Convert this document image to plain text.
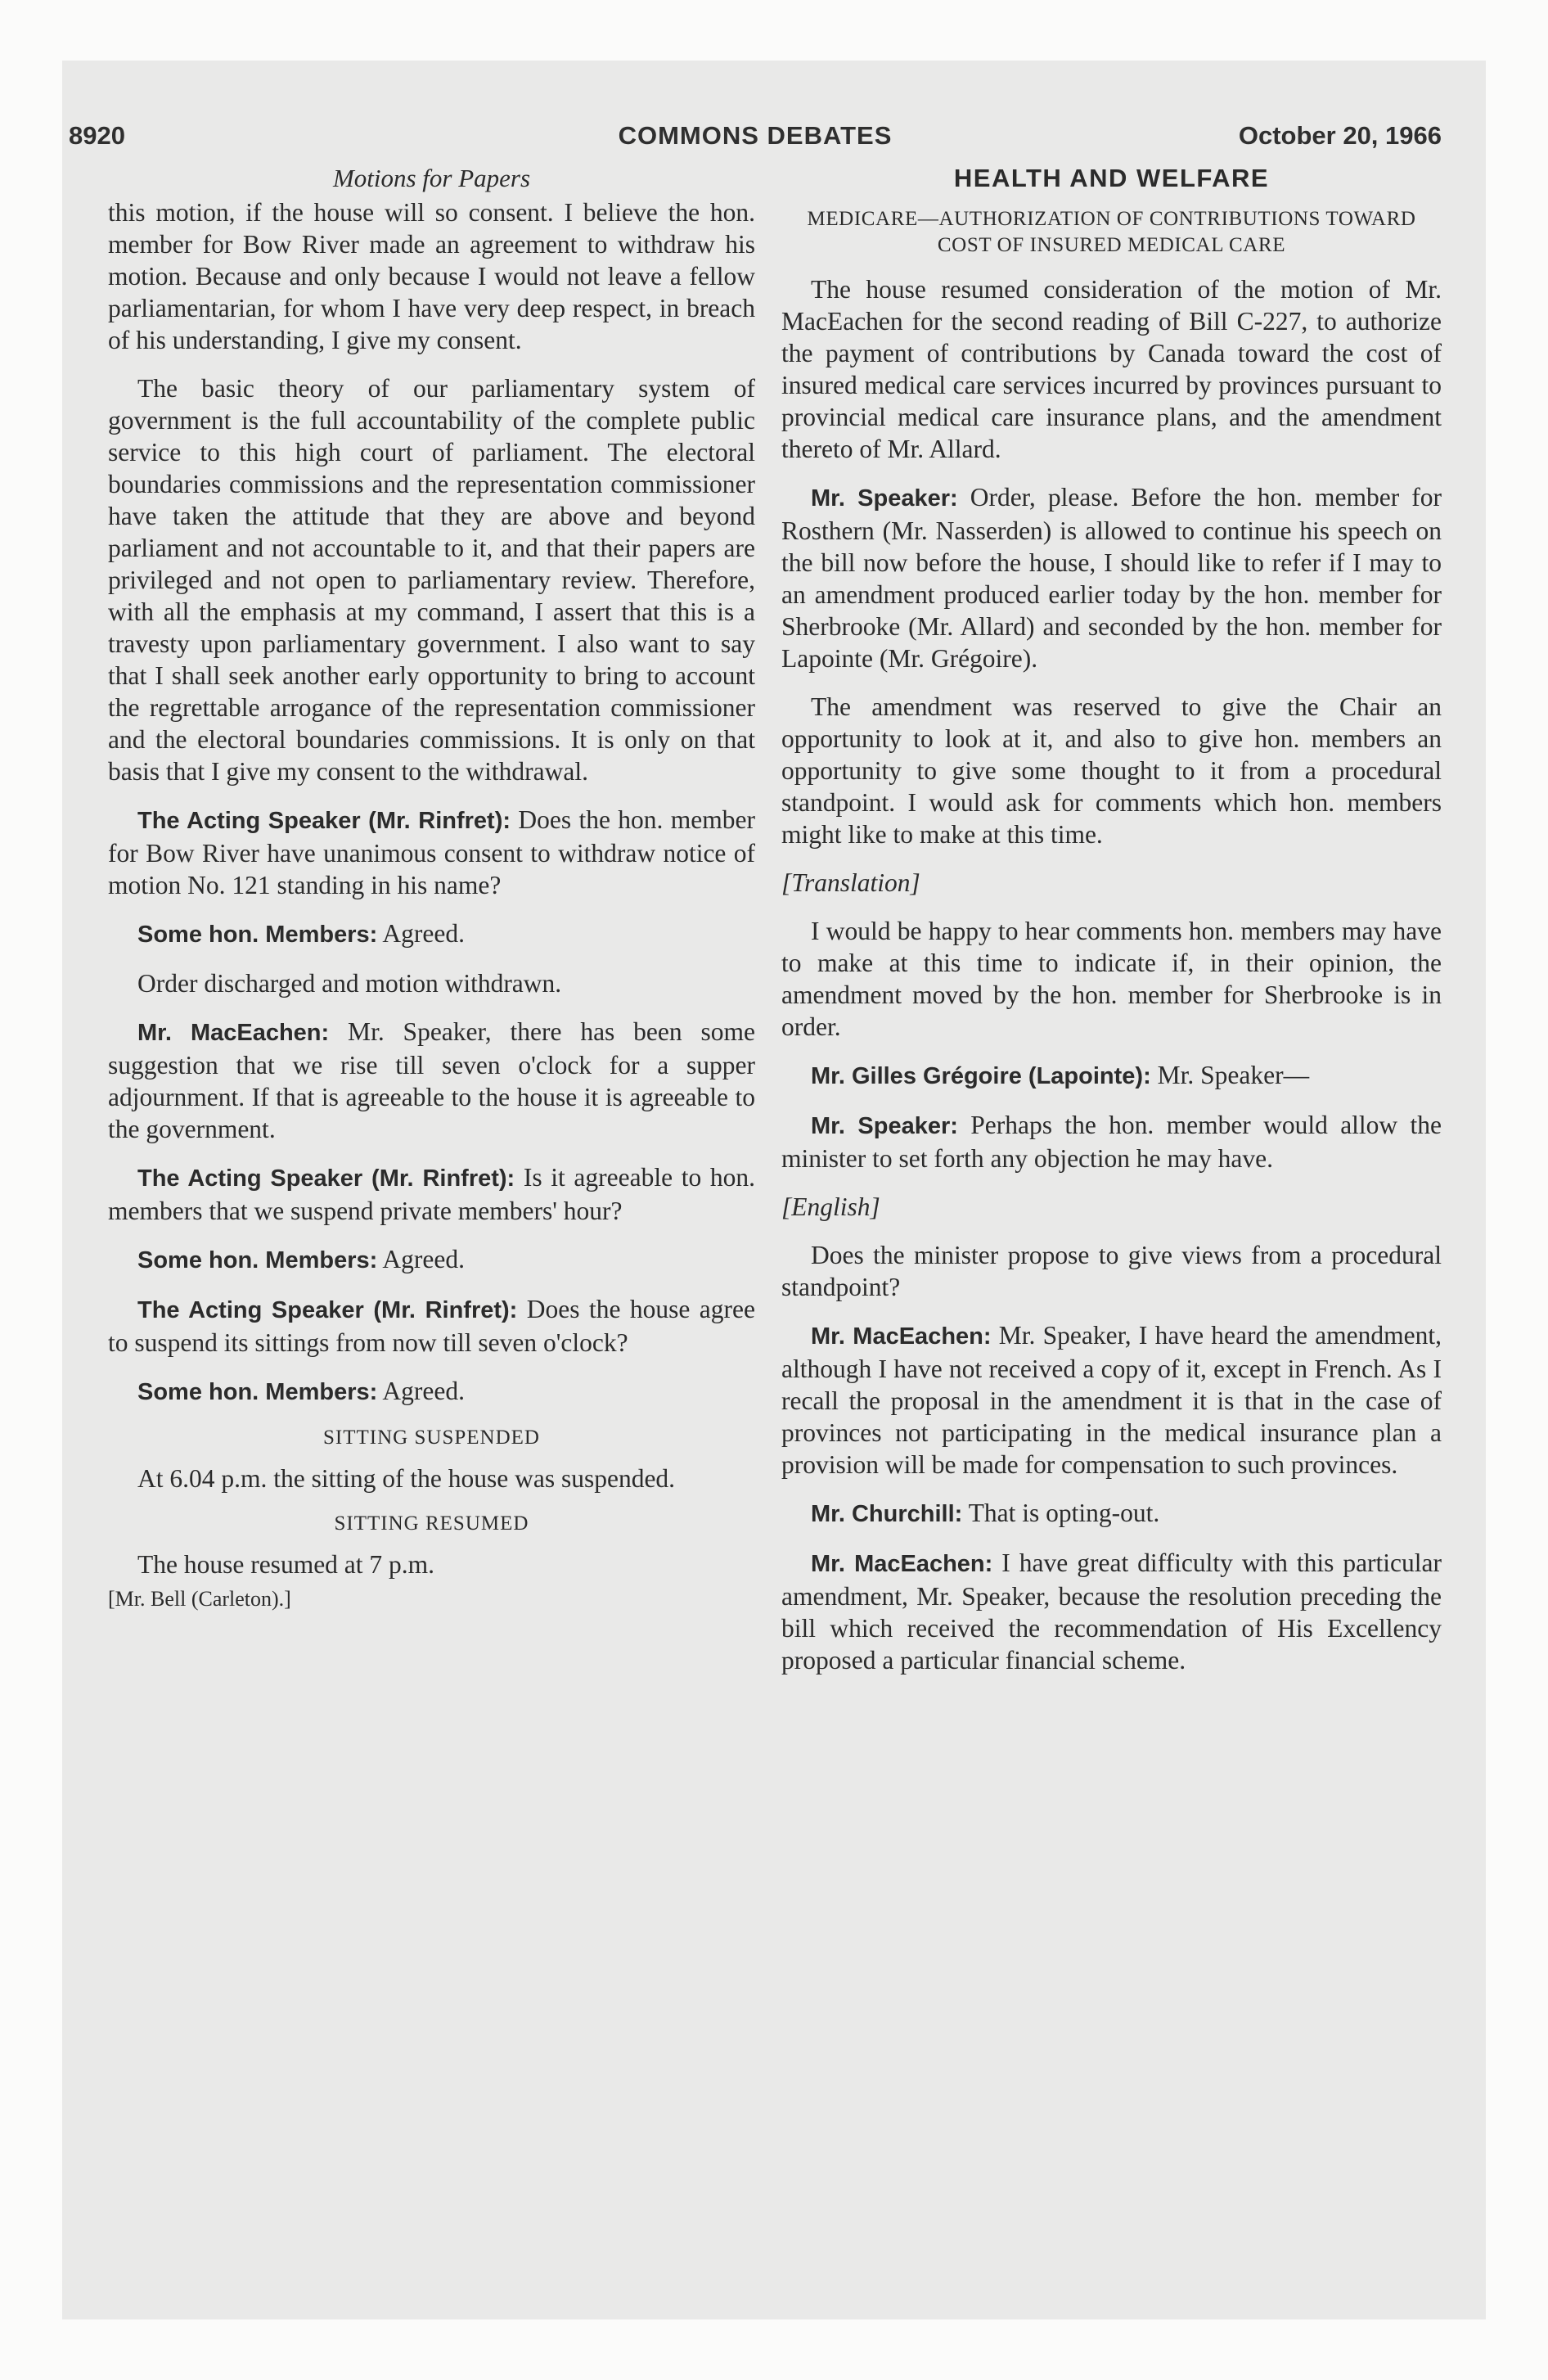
8920	COMMONS DEBATES	October 20, 1966
Motions for Papers

this motion, if the house will so consent. I believe the hon. member for Bow River made an agreement to withdraw his motion. Because and only because I would not leave a fellow parliamentarian, for whom I have very deep respect, in breach of his understanding, I give my consent.

The basic theory of our parliamentary system of government is the full accountability of the complete public service to this high court of parliament. The electoral boundaries commissions and the representation commissioner have taken the attitude that they are above and beyond parliament and not accountable to it, and that their papers are privileged and not open to parliamentary review. Therefore, with all the emphasis at my command, I assert that this is a travesty upon parliamentary government. I also want to say that I shall seek another early opportunity to bring to account the regrettable arrogance of the representation commissioner and the electoral boundaries commissions. It is only on that basis that I give my consent to the withdrawal.

The Acting Speaker (Mr. Rinfret): Does the hon. member for Bow River have unanimous consent to withdraw notice of motion No. 121 standing in his name?

Some hon. Members: Agreed.

Order discharged and motion withdrawn.

Mr. MacEachen: Mr. Speaker, there has been some suggestion that we rise till seven o'clock for a supper adjournment. If that is agreeable to the house it is agreeable to the government.

The Acting Speaker (Mr. Rinfret): Is it agreeable to hon. members that we suspend private members' hour?

Some hon. Members: Agreed.

The Acting Speaker (Mr. Rinfret): Does the house agree to suspend its sittings from now till seven o'clock?

Some hon. Members: Agreed.

SITTING SUSPENDED

At 6.04 p.m. the sitting of the house was suspended.

SITTING RESUMED

The house resumed at 7 p.m.

[Mr. Bell (Carleton).]
HEALTH AND WELFARE
MEDICARE—AUTHORIZATION OF CONTRIBUTIONS TOWARD COST OF INSURED MEDICAL CARE

The house resumed consideration of the motion of Mr. MacEachen for the second reading of Bill C-227, to authorize the payment of contributions by Canada toward the cost of insured medical care services incurred by provinces pursuant to provincial medical care insurance plans, and the amendment thereto of Mr. Allard.

Mr. Speaker: Order, please. Before the hon. member for Rosthern (Mr. Nasserden) is allowed to continue his speech on the bill now before the house, I should like to refer if I may to an amendment produced earlier today by the hon. member for Sherbrooke (Mr. Allard) and seconded by the hon. member for Lapointe (Mr. Grégoire).

The amendment was reserved to give the Chair an opportunity to look at it, and also to give hon. members an opportunity to give some thought to it from a procedural standpoint. I would ask for comments which hon. members might like to make at this time.

[Translation]

I would be happy to hear comments hon. members may have to make at this time to indicate if, in their opinion, the amendment moved by the hon. member for Sherbrooke is in order.

Mr. Gilles Grégoire (Lapointe): Mr. Speaker—

Mr. Speaker: Perhaps the hon. member would allow the minister to set forth any objection he may have.

[English]

Does the minister propose to give views from a procedural standpoint?

Mr. MacEachen: Mr. Speaker, I have heard the amendment, although I have not received a copy of it, except in French. As I recall the proposal in the amendment it is that in the case of provinces not participating in the medical insurance plan a provision will be made for compensation to such provinces.

Mr. Churchill: That is opting-out.

Mr. MacEachen: I have great difficulty with this particular amendment, Mr. Speaker, because the resolution preceding the bill which received the recommendation of His Excellency proposed a particular financial scheme.
